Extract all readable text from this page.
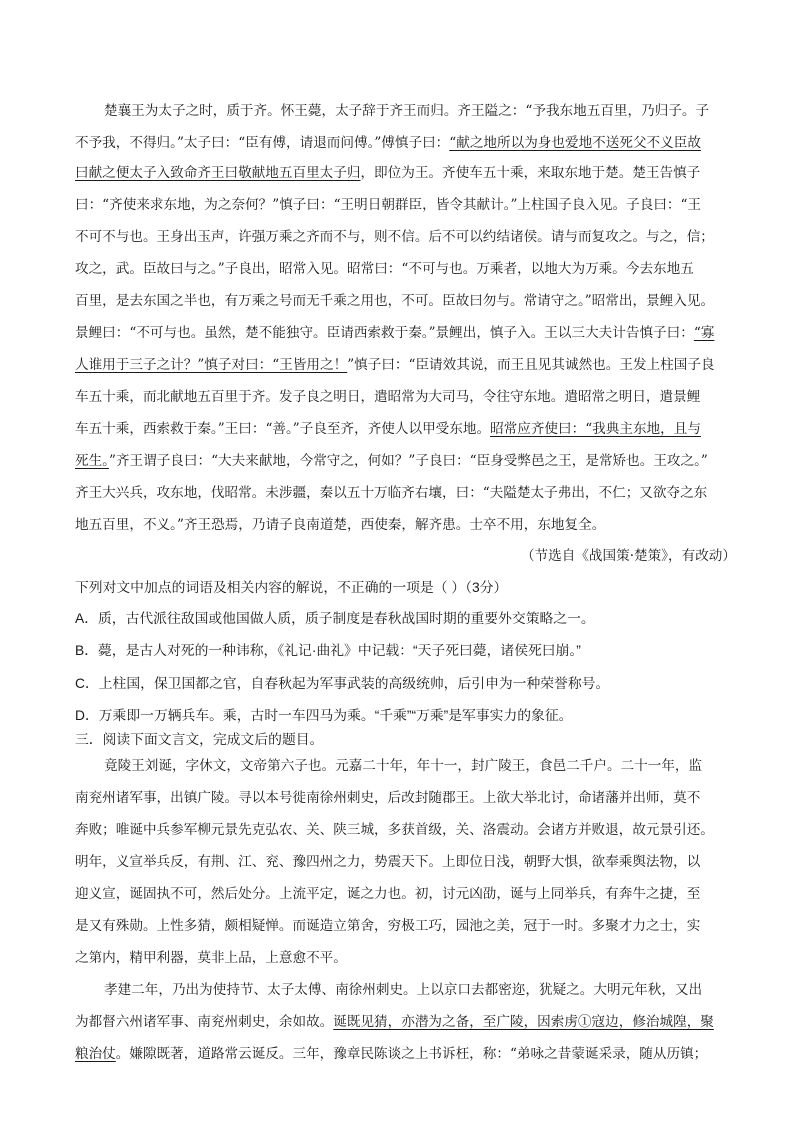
楚襄王为太子之时，质于齐。怀王薨，太子辞于齐王而归。齐王隘之：“予我东地五百里，乃归子。子
不予我，不得归。”太子曰：“臣有傅，请退而问傅。”傅慎子曰：“献之地所以为身也爱地不送死父不义臣故
曰献之便太子入致命齐王曰敬献地五百里太子归，即位为王。齐使车五十乘，来取东地于楚。楚王告慎子
曰：“齐使来求东地，为之奈何？”慎子曰：“王明日朝群臣，皆令其献计。”上柱国子良入见。子良曰：“王
不可不与也。王身出玉声，许强万乘之齐而不与，则不信。后不可以约结诸侯。请与而复攻之。与之，信；
攻之，武。臣故曰与之。”子良出，昭常入见。昭常曰：“不可与也。万乘者，以地大为万乘。今去东地五
百里，是去东国之半也，有万乘之号而无千乘之用也，不可。臣故曰勿与。常请守之。”昭常出，景鲤入见。
景鲤曰：“不可与也。虽然，楚不能独守。臣请西索救于秦。”景鲤出，慎子入。王以三大夫计告慎子曰：“寡
人谁用于三子之计？”慎子对曰：“王皆用之！”慎子曰：“臣请效其说，而王且见其诚然也。王发上柱国子良
车五十乘，而北献地五百里于齐。发子良之明日，遣昭常为大司马，令往守东地。遣昭常之明日，遣景鲤
车五十乘，西索救于秦。”王曰：“善。”子良至齐，齐使人以甲受东地。昭常应齐使曰：“我典主东地，且与
死生。”齐王谓子良曰：“大夫来献地，今常守之，何如？”子良曰：“臣身受弊邑之王，是常矫也。王攻之。”
齐王大兴兵，攻东地，伐昭常。未涉疆，秦以五十万临齐右壤，曰：“夫隘楚太子弗出，不仁；又欲夺之东
地五百里，不义。”齐王恐焉，乃请子良南道楚，西使秦，解齐患。士卒不用，东地复全。
（节选自《战国策·楚策》，有改动）
下列对文中加点的词语及相关内容的解说，不正确的一项是（ ）（3分）
A．质，古代派往敌国或他国做人质，质子制度是春秋战国时期的重要外交策略之一。
B．薨，是古人对死的一种讳称，《礼记·曲礼》中记载：“天子死曰薨，诸侯死曰崩。”
C．上柱国，保卫国都之官，自春秋起为军事武装的高级统帅，后引申为一种荣誉称号。
D．万乘即一万辆兵车。乘，古时一车四马为乘。“千乘”“万乘”是军事实力的象征。
三．阅读下面文言文，完成文后的题目。
竟陵王刘诞，字休文，文帝第六子也。元嘉二十年，年十一，封广陵王，食邑二千户。二十一年，监
南兖州诸军事，出镇广陵。寻以本号徙南徐州刺史，后改封随郡王。上欲大举北讨，命诸藩并出师，莫不
奔败；唯诞中兵参军柳元景先克弘农、关、陕三城，多获首级，关、洛震动。会诸方并败退，故元景引还。
明年，义宣举兵反，有荆、江、兖、豫四州之力，势震天下。上即位日浅，朝野大惧，欲奉乘舆法物，以
迎义宣，诞固执不可，然后处分。上流平定，诞之力也。初，讨元凶劭，诞与上同举兵，有奔牛之捷，至
是又有殊勋。上性多猜，颇相疑惮。而诞造立第舍，穷极工巧，园池之美，冠于一时。多聚才力之士，实
之第内，精甲利器，莫非上品，上意愈不平。
孝建二年，乃出为使持节、太子太傅、南徐州刺史。上以京口去都密迩，犹疑之。大明元年秋，又出
为都督六州诸军事、南兖州刺史，余如故。诞既见猜，亦潜为之备，至广陵，因索虏①寇边，修治城隍，聚
粮治仗。嫌隙既著，道路常云诞反。三年，豫章民陈谈之上书诉枉，称：“弟咏之昔蒙诞采录，随从历镇；
